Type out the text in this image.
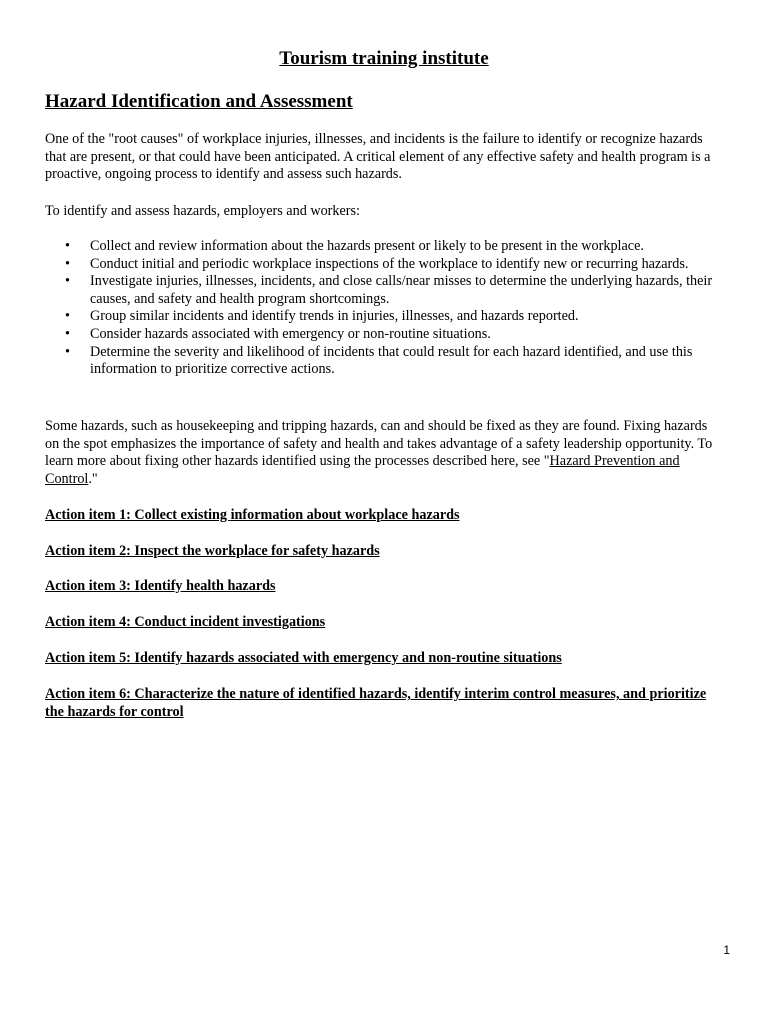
Tourism training institute
Hazard Identification and Assessment

One of the "root causes" of workplace injuries, illnesses, and incidents is the failure to identify or recognize hazards that are present, or that could have been anticipated. A critical element of any effective safety and health program is a proactive, ongoing process to identify and assess such hazards.

To identify and assess hazards, employers and workers:

• Collect and review information about the hazards present or likely to be present in the workplace.
• Conduct initial and periodic workplace inspections of the workplace to identify new or recurring hazards.
• Investigate injuries, illnesses, incidents, and close calls/near misses to determine the underlying hazards, their causes, and safety and health program shortcomings.
• Group similar incidents and identify trends in injuries, illnesses, and hazards reported.
• Consider hazards associated with emergency or non-routine situations.
• Determine the severity and likelihood of incidents that could result for each hazard identified, and use this information to prioritize corrective actions.

Some hazards, such as housekeeping and tripping hazards, can and should be fixed as they are found. Fixing hazards on the spot emphasizes the importance of safety and health and takes advantage of a safety leadership opportunity. To learn more about fixing other hazards identified using the processes described here, see "Hazard Prevention and Control."

Action item 1: Collect existing information about workplace hazards
Action item 2: Inspect the workplace for safety hazards
Action item 3: Identify health hazards
Action item 4: Conduct incident investigations
Action item 5: Identify hazards associated with emergency and non-routine situations
Action item 6: Characterize the nature of identified hazards, identify interim control measures, and prioritize the hazards for control

1
